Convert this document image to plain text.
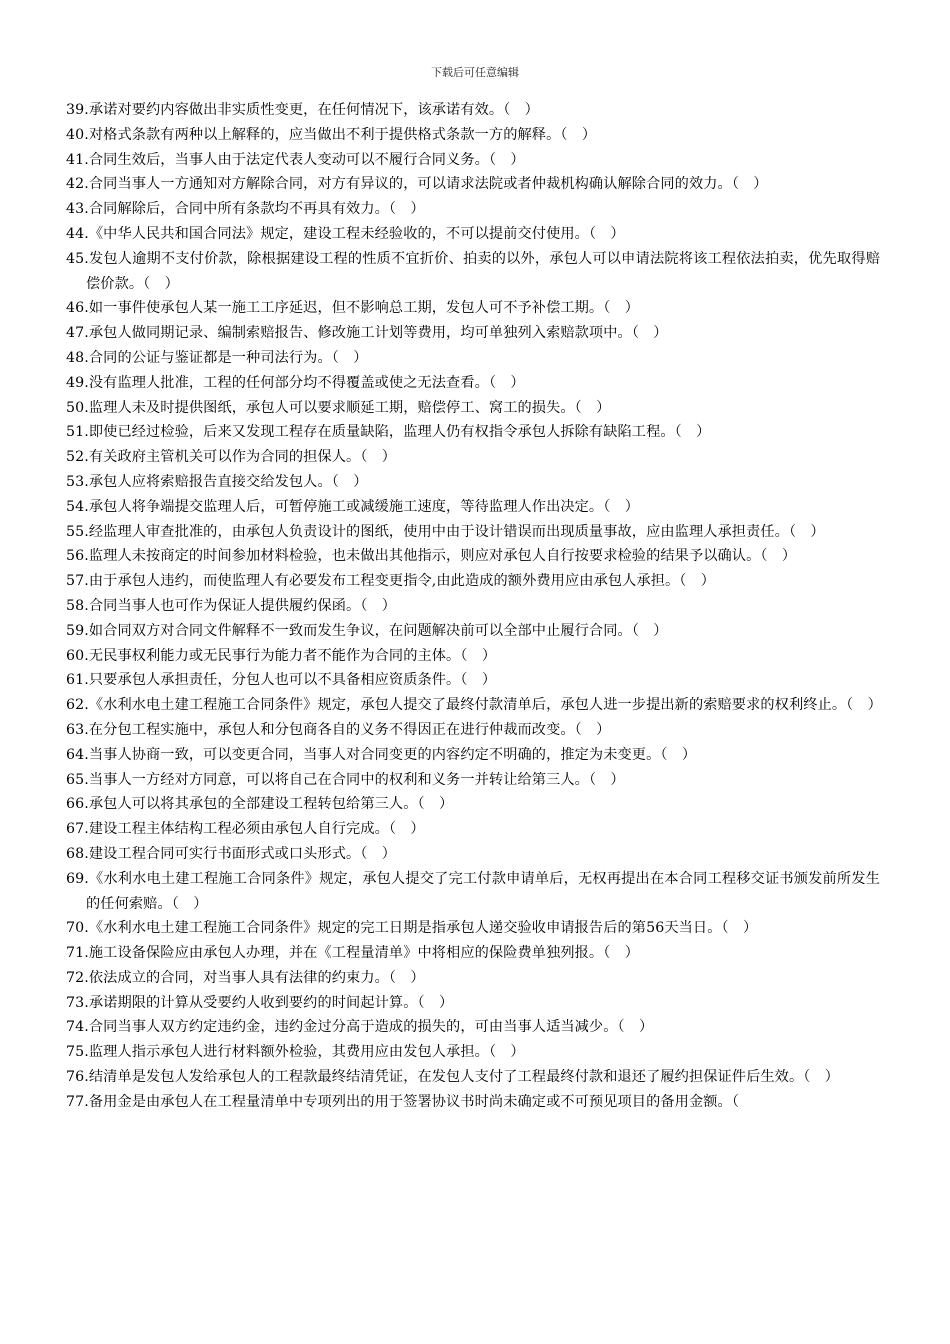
下载后可任意编辑
39.承诺对要约内容做出非实质性变更，在任何情况下，该承诺有效。（　）
40.对格式条款有两种以上解释的，应当做出不利于提供格式条款一方的解释。（　）
41.合同生效后，当事人由于法定代表人变动可以不履行合同义务。（　）
42.合同当事人一方通知对方解除合同，对方有异议的，可以请求法院或者仲裁机构确认解除合同的效力。（　）
43.合同解除后，合同中所有条款均不再具有效力。（　）
44.《中华人民共和国合同法》规定，建设工程未经验收的，不可以提前交付使用。（　）
45.发包人逾期不支付价款，除根据建设工程的性质不宜折价、拍卖的以外，承包人可以申请法院将该工程依法拍卖，优先取得赔偿价款。（　）
46.如一事件使承包人某一施工工序延迟，但不影响总工期，发包人可不予补偿工期。（　）
47.承包人做同期记录、编制索赔报告、修改施工计划等费用，均可单独列入索赔款项中。（　）
48.合同的公证与鉴证都是一种司法行为。（　）
49.没有监理人批准，工程的任何部分均不得覆盖或使之无法查看。（　）
50.监理人未及时提供图纸，承包人可以要求顺延工期，赔偿停工、窝工的损失。（　）
51.即使已经过检验，后来又发现工程存在质量缺陷，监理人仍有权指令承包人拆除有缺陷工程。（　）
52.有关政府主管机关可以作为合同的担保人。（　）
53.承包人应将索赔报告直接交给发包人。（　）
54.承包人将争端提交监理人后，可暂停施工或减缓施工速度，等待监理人作出决定。（　）
55.经监理人审查批准的，由承包人负责设计的图纸，使用中由于设计错误而出现质量事故，应由监理人承担责任。（　）
56.监理人未按商定的时间参加材料检验，也未做出其他指示，则应对承包人自行按要求检验的结果予以确认。（　）
57.由于承包人违约，而使监理人有必要发布工程变更指令,由此造成的额外费用应由承包人承担。（　）
58.合同当事人也可作为保证人提供履约保函。（　）
59.如合同双方对合同文件解释不一致而发生争议，在问题解决前可以全部中止履行合同。（　）
60.无民事权利能力或无民事行为能力者不能作为合同的主体。（　）
61.只要承包人承担责任，分包人也可以不具备相应资质条件。（　）
62.《水利水电土建工程施工合同条件》规定，承包人提交了最终付款清单后，承包人进一步提出新的索赔要求的权利终止。（　）
63.在分包工程实施中，承包人和分包商各自的义务不得因正在进行仲裁而改变。（　）
64.当事人协商一致，可以变更合同，当事人对合同变更的内容约定不明确的，推定为未变更。（　）
65.当事人一方经对方同意，可以将自己在合同中的权利和义务一并转让给第三人。（　）
66.承包人可以将其承包的全部建设工程转包给第三人。（　）
67.建设工程主体结构工程必须由承包人自行完成。（　）
68.建设工程合同可实行书面形式或口头形式。（　）
69.《水利水电土建工程施工合同条件》规定，承包人提交了完工付款申请单后，无权再提出在本合同工程移交证书颁发前所发生的任何索赔。（　）
70.《水利水电土建工程施工合同条件》规定的完工日期是指承包人递交验收申请报告后的第56天当日。（　）
71.施工设备保险应由承包人办理，并在《工程量清单》中将相应的保险费单独列报。（　）
72.依法成立的合同，对当事人具有法律的约束力。（　）
73.承诺期限的计算从受要约人收到要约的时间起计算。（　）
74.合同当事人双方约定违约金，违约金过分高于造成的损失的，可由当事人适当减少。（　）
75.监理人指示承包人进行材料额外检验，其费用应由发包人承担。（　）
76.结清单是发包人发给承包人的工程款最终结清凭证，在发包人支付了工程最终付款和退还了履约担保证件后生效。（　）
77.备用金是由承包人在工程量清单中专项列出的用于签署协议书时尚未确定或不可预见项目的备用金额。（
